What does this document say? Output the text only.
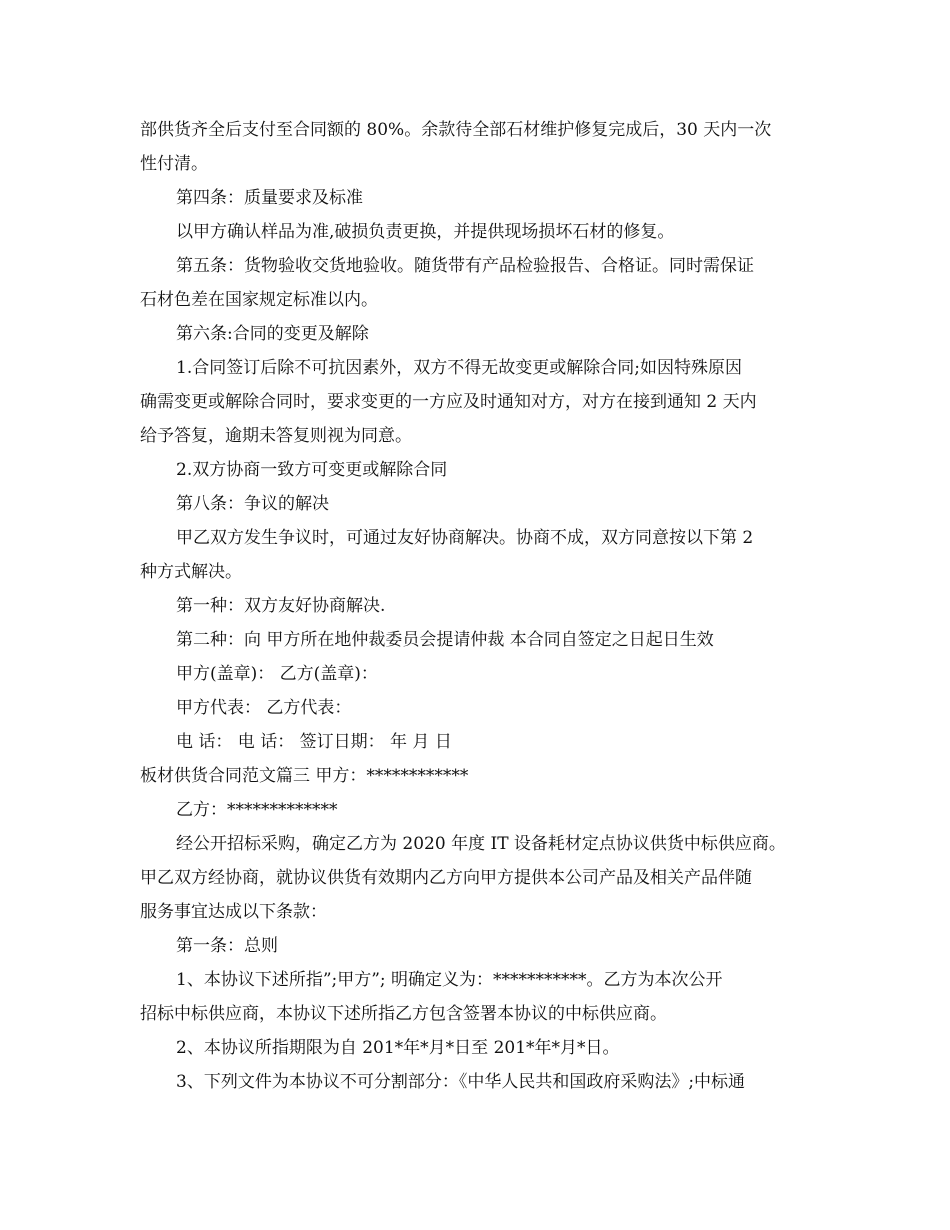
部供货齐全后支付至合同额的 80%。余款待全部石材维护修复完成后，30 天内一次
性付清。
第四条：质量要求及标准
以甲方确认样品为准,破损负责更换，并提供现场损坏石材的修复。
第五条：货物验收交货地验收。随货带有产品检验报告、合格证。同时需保证
石材色差在国家规定标准以内。
第六条:合同的变更及解除
1.合同签订后除不可抗因素外，双方不得无故变更或解除合同;如因特殊原因
确需变更或解除合同时，要求变更的一方应及时通知对方，对方在接到通知 2 天内
给予答复，逾期未答复则视为同意。
2.双方协商一致方可变更或解除合同
第八条：争议的解决
甲乙双方发生争议时，可通过友好协商解决。协商不成，双方同意按以下第 2
种方式解决。
第一种：双方友好协商解决.
第二种：向 甲方所在地仲裁委员会提请仲裁 本合同自签定之日起日生效
甲方(盖章)： 乙方(盖章)：
甲方代表： 乙方代表：
电 话： 电 话： 签订日期： 年 月 日
板材供货合同范文篇三 甲方：************
乙方：*************
经公开招标采购，确定乙方为 2020 年度 IT 设备耗材定点协议供货中标供应商。
甲乙双方经协商，就协议供货有效期内乙方向甲方提供本公司产品及相关产品伴随
服务事宜达成以下条款：
第一条：总则
1、本协议下述所指”;甲方”; 明确定义为：***********。乙方为本次公开
招标中标供应商，本协议下述所指乙方包含签署本协议的中标供应商。
2、本协议所指期限为自 201*年*月*日至 201*年*月*日。
3、下列文件为本协议不可分割部分：《中华人民共和国政府采购法》;中标通
